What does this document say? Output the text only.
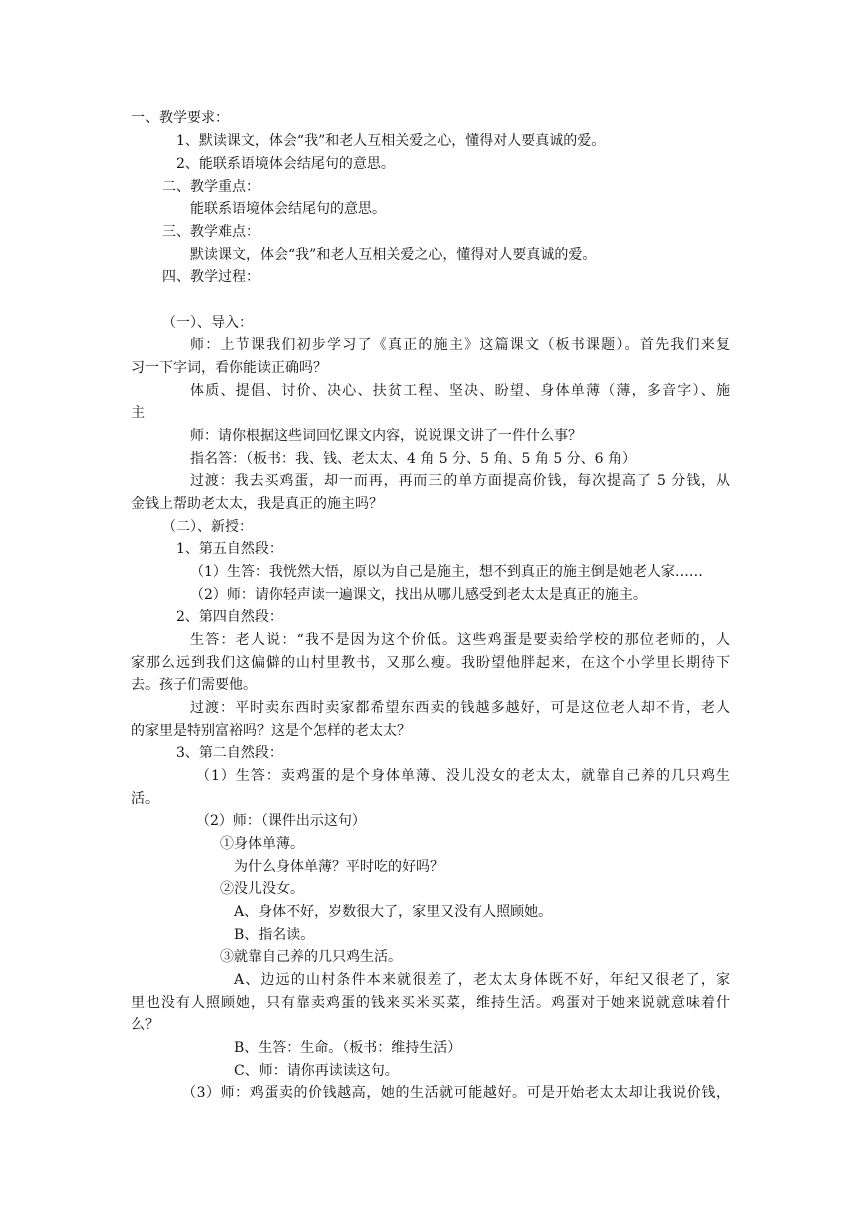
一、教学要求：
1、默读课文，体会“我”和老人互相关爱之心，懂得对人要真诚的爱。
2、能联系语境体会结尾句的意思。
二、教学重点：
能联系语境体会结尾句的意思。
三、教学难点：
默读课文，体会“我”和老人互相关爱之心，懂得对人要真诚的爱。
四、教学过程：
（一）、导入：
师：上节课我们初步学习了《真正的施主》这篇课文（板书课题）。首先我们来复
习一下字词，看你能读正确吗？
体质、提倡、讨价、决心、扶贫工程、坚决、盼望、身体单薄（薄，多音字）、施
主
师：请你根据这些词回忆课文内容，说说课文讲了一件什么事？
指名答：（板书：我、钱、老太太、4 角 5 分、5 角、5 角 5 分、6 角）
过渡：我去买鸡蛋，却一而再，再而三的单方面提高价钱，每次提高了 5 分钱，从
金钱上帮助老太太，我是真正的施主吗？
（二）、新授：
1、第五自然段：
（1）生答：我恍然大悟，原以为自己是施主，想不到真正的施主倒是她老人家……
（2）师：请你轻声读一遍课文，找出从哪儿感受到老太太是真正的施主。
2、第四自然段：
生答：老人说：“我不是因为这个价低。这些鸡蛋是要卖给学校的那位老师的，人
家那么远到我们这偏僻的山村里教书，又那么瘦。我盼望他胖起来，在这个小学里长期待下
去。孩子们需要他。
过渡：平时卖东西时卖家都希望东西卖的钱越多越好，可是这位老人却不肯，老人
的家里是特别富裕吗？这是个怎样的老太太？
3、第二自然段：
（1）生答：卖鸡蛋的是个身体单薄、没儿没女的老太太，就靠自己养的几只鸡生
活。
（2）师：（课件出示这句）
①身体单薄。
为什么身体单薄？平时吃的好吗？
②没儿没女。
A、身体不好，岁数很大了，家里又没有人照顾她。
B、指名读。
③就靠自己养的几只鸡生活。
A、边远的山村条件本来就很差了，老太太身体既不好，年纪又很老了，家
里也没有人照顾她，只有靠卖鸡蛋的钱来买米买菜，维持生活。鸡蛋对于她来说就意味着什
么？
B、生答：生命。（板书：维持生活）
C、师：请你再读读这句。
（3）师：鸡蛋卖的价钱越高，她的生活就可能越好。可是开始老太太却让我说价钱，
